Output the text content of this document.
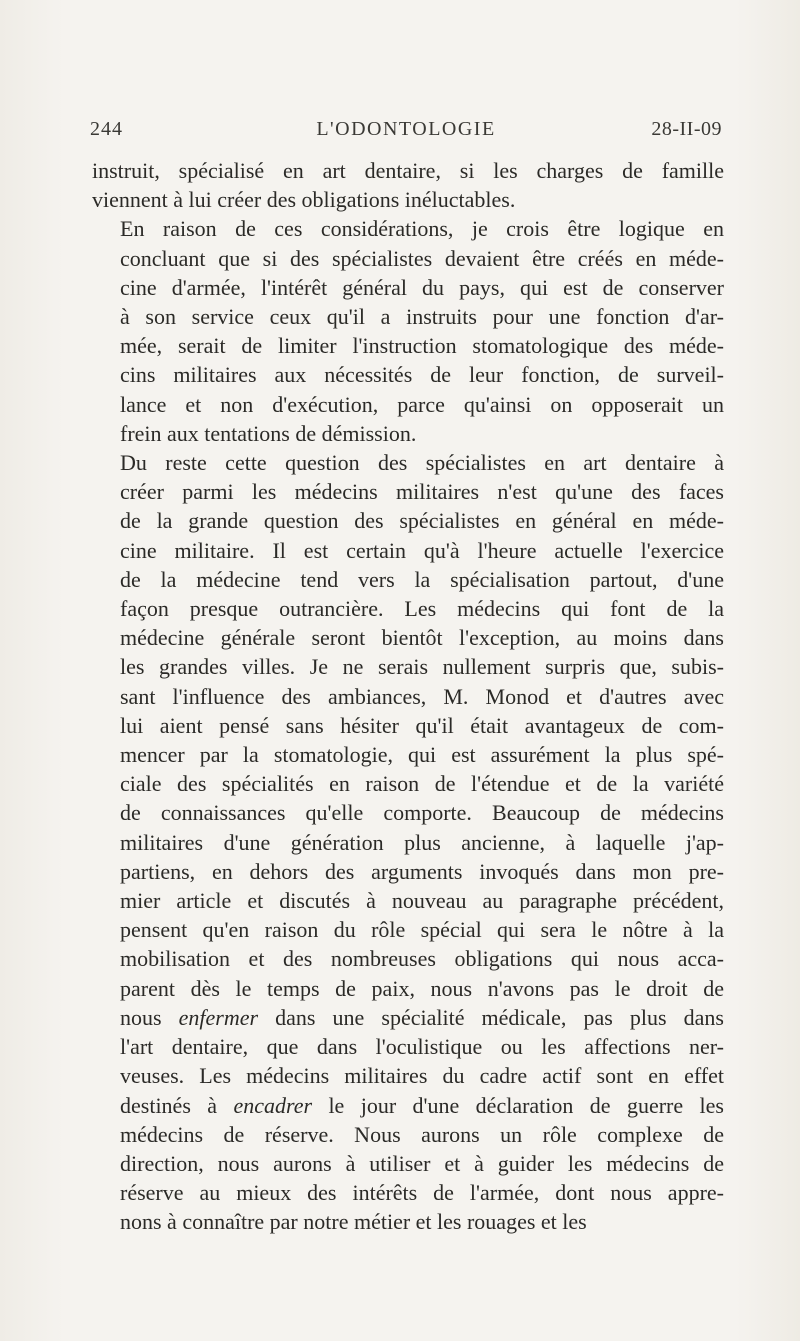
244	L'ODONTOLOGIE	28-II-09

instruit, spécialisé en art dentaire, si les charges de famille
viennent à lui créer des obligations inéluctables.

En raison de ces considérations, je crois être logique en
concluant que si des spécialistes devaient être créés en méde-
cine d'armée, l'intérêt général du pays, qui est de conserver
à son service ceux qu'il a instruits pour une fonction d'ar-
mée, serait de limiter l'instruction stomatologique des méde-
cins militaires aux nécessités de leur fonction, de surveil-
lance et non d'exécution, parce qu'ainsi on opposerait un
frein aux tentations de démission.

Du reste cette question des spécialistes en art dentaire à
créer parmi les médecins militaires n'est qu'une des faces
de la grande question des spécialistes en général en méde-
cine militaire. Il est certain qu'à l'heure actuelle l'exercice
de la médecine tend vers la spécialisation partout, d'une
façon presque outrancière. Les médecins qui font de la
médecine générale seront bientôt l'exception, au moins dans
les grandes villes. Je ne serais nullement surpris que, subis-
sant l'influence des ambiances, M. Monod et d'autres avec
lui aient pensé sans hésiter qu'il était avantageux de com-
mencer par la stomatologie, qui est assurément la plus spé-
ciale des spécialités en raison de l'étendue et de la variété
de connaissances qu'elle comporte. Beaucoup de médecins
militaires d'une génération plus ancienne, à laquelle j'ap-
partiens, en dehors des arguments invoqués dans mon pre-
mier article et discutés à nouveau au paragraphe précédent,
pensent qu'en raison du rôle spécial qui sera le nôtre à la
mobilisation et des nombreuses obligations qui nous acca-
parent dès le temps de paix, nous n'avons pas le droit de
nous enfermer dans une spécialité médicale, pas plus dans
l'art dentaire, que dans l'oculistique ou les affections ner-
veuses. Les médecins militaires du cadre actif sont en effet
destinés à encadrer le jour d'une déclaration de guerre les
médecins de réserve. Nous aurons un rôle complexe de
direction, nous aurons à utiliser et à guider les médecins de
réserve au mieux des intérêts de l'armée, dont nous appre-
nons à connaître par notre métier et les rouages et les
